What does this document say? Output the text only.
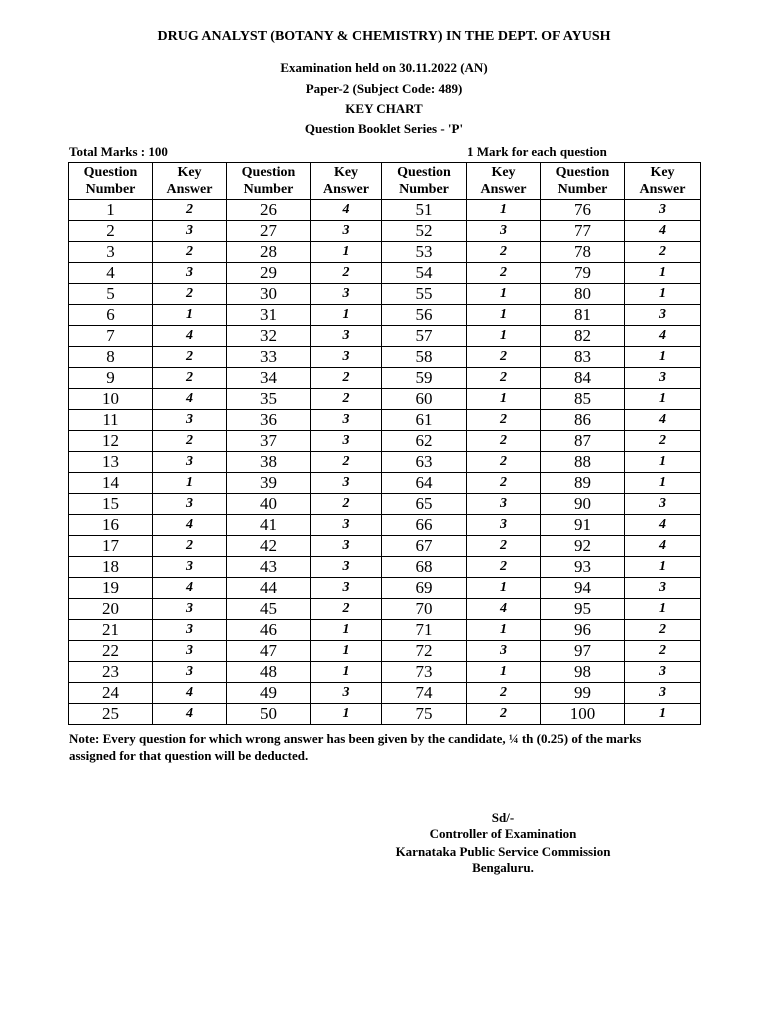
DRUG ANALYST (BOTANY & CHEMISTRY) IN THE DEPT. OF AYUSH
Examination held on 30.11.2022 (AN)
Paper-2 (Subject Code: 489)
KEY CHART
Question Booklet Series - 'P'
Total Marks : 100	1 Mark for each question
Question
Number	Key
Answer	Question
Number	Key
Answer	Question
Number	Key
Answer	Question
Number	Key
Answer
1	2	26	4	51	1	76	3
2	3	27	3	52	3	77	4
3	2	28	1	53	2	78	2
4	3	29	2	54	2	79	1
5	2	30	3	55	1	80	1
6	1	31	1	56	1	81	3
7	4	32	3	57	1	82	4
8	2	33	3	58	2	83	1
9	2	34	2	59	2	84	3
10	4	35	2	60	1	85	1
11	3	36	3	61	2	86	4
12	2	37	3	62	2	87	2
13	3	38	2	63	2	88	1
14	1	39	3	64	2	89	1
15	3	40	2	65	3	90	3
16	4	41	3	66	3	91	4
17	2	42	3	67	2	92	4
18	3	43	3	68	2	93	1
19	4	44	3	69	1	94	3
20	3	45	2	70	4	95	1
21	3	46	1	71	1	96	2
22	3	47	1	72	3	97	2
23	3	48	1	73	1	98	3
24	4	49	3	74	2	99	3
25	4	50	1	75	2	100	1
Note: Every question for which wrong answer has been given by the candidate, ¼ th (0.25) of the marks assigned for that question will be deducted.
Sd/-
Controller of Examination
Karnataka Public Service Commission
Bengaluru.
